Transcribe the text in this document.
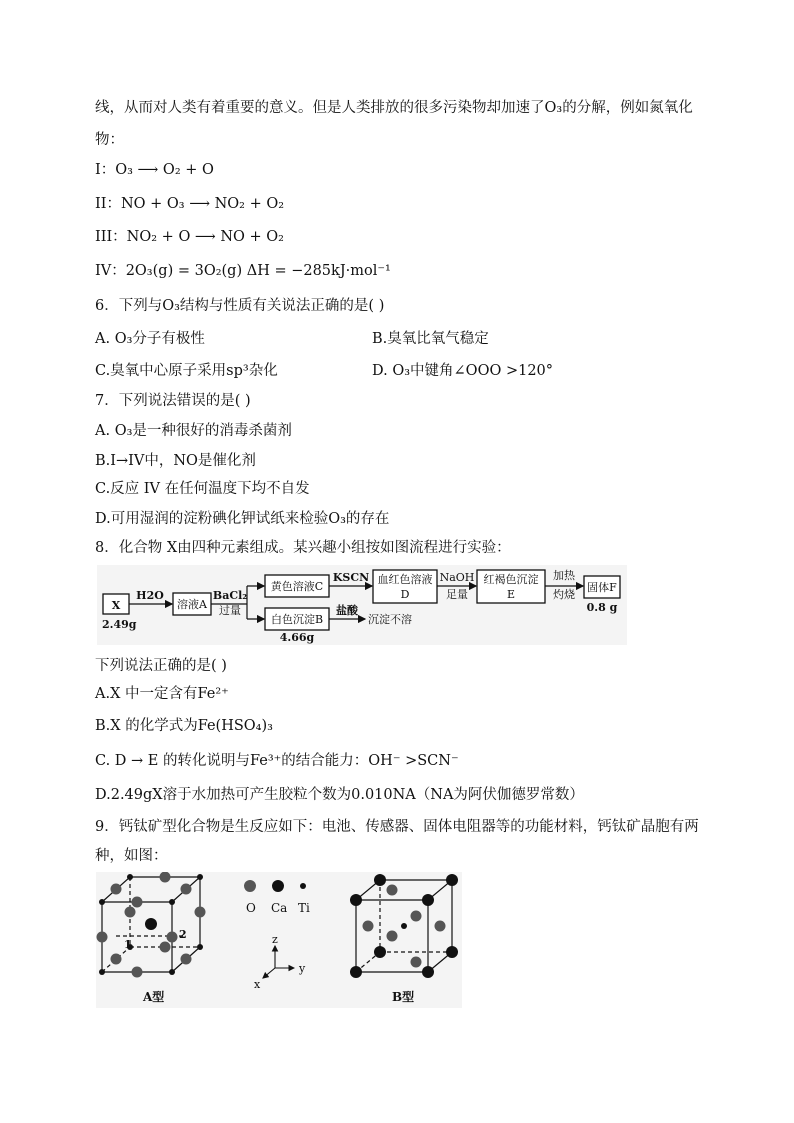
线，从而对人类有着重要的意义。但是人类排放的很多污染物却加速了O₃的分解，例如氮氧化
物：
I：O₃ ⟶ O₂ + O
II：NO + O₃ ⟶ NO₂ + O₂
III：NO₂ + O ⟶ NO + O₂
IV：2O₃(g) = 3O₂(g) ΔH = −285kJ·mol⁻¹
6．下列与O₃结构与性质有关说法正确的是( )
A. O₃分子有极性	B.臭氧比氧气稳定
C.臭氧中心原子采用sp³杂化	D. O₃中键角∠OOO >120°
7．下列说法错误的是( )
A. O₃是一种很好的消毒杀菌剂
B.I→IV中，NO是催化剂
C.反应 IV 在任何温度下均不自发
D.可用湿润的淀粉碘化钾试纸来检验O₃的存在
8．化合物 X由四种元素组成。某兴趣小组按如图流程进行实验：
X
2.49g
H2O
溶液A
BaCl₂
过量
黄色溶液C
白色沉淀B
4.66g
KSCN 血红色溶液
D
NaOH
足量
红褐色沉淀
E
加热
灼烧
固体F
0.8 g
盐酸
沉淀不溶
下列说法正确的是( )
A.X 中一定含有Fe²⁺
B.X 的化学式为Fe(HSO₄)₃
C. D → E 的转化说明与Fe³⁺的结合能力：OH⁻ >SCN⁻
D.2.49gX溶于水加热可产生胶粒个数为0.010NA（NA为阿伏伽德罗常数）
9．钙钛矿型化合物是生反应如下：电池、传感器、固体电阻器等的功能材料，钙钛矿晶胞有两
种，如图：
1
2
A型
O Ca Ti
z
y
x
B型
